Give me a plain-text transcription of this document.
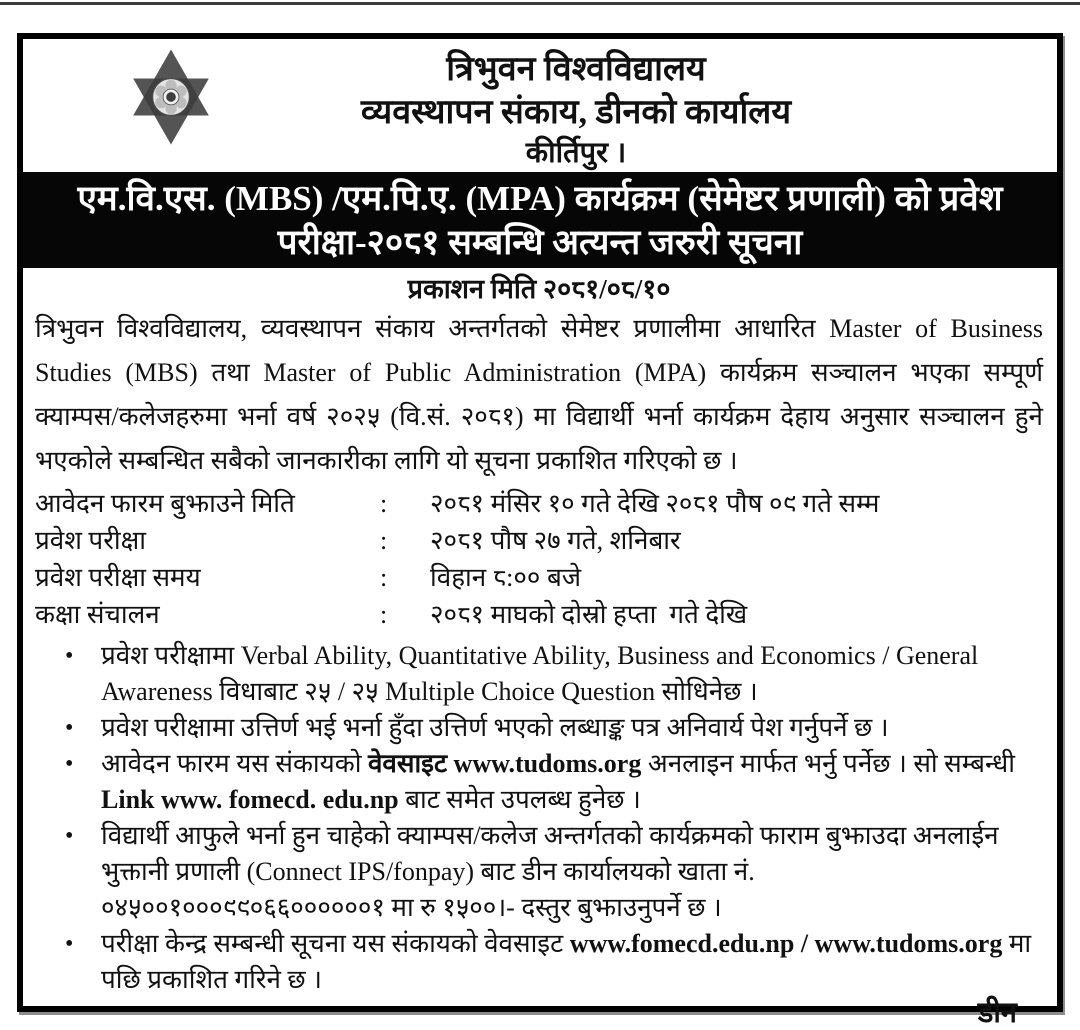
त्रिभुवन विश्वविद्यालय
व्यवस्थापन संकाय, डीनको कार्यालय
कीर्तिपुर ।
एम.वि.एस. (MBS) /एम.पि.ए. (MPA) कार्यक्रम (सेमेष्टर प्रणाली) को प्रवेश
परीक्षा-२०८१ सम्बन्धि अत्यन्त जरुरी सूचना
प्रकाशन मिति २०८१/०८/१०
त्रिभुवन विश्वविद्यालय, व्यवस्थापन संकाय अन्तर्गतको सेमेष्टर प्रणालीमा आधारित Master of Business Studies (MBS) तथा Master of Public Administration (MPA) कार्यक्रम सञ्चालन भएका सम्पूर्ण क्याम्पस/कलेजहरुमा भर्ना वर्ष २०२५ (वि.सं. २०८१) मा विद्यार्थी भर्ना कार्यक्रम देहाय अनुसार सञ्चालन हुने भएकोले सम्बन्धित सबैको जानकारीका लागि यो सूचना प्रकाशित गरिएको छ ।
आवेदन फारम बुझाउने मिति	:	२०८१ मंसिर १० गते देखि २०८१ पौष ०९ गते सम्म
प्रवेश परीक्षा	:	२०८१ पौष २७ गते, शनिबार
प्रवेश परीक्षा समय	:	विहान ८:०० बजे
कक्षा संचालन	:	२०८१ माघको दोस्रो हप्ता  गते देखि
•	प्रवेश परीक्षामा Verbal Ability, Quantitative Ability, Business and Economics / General Awareness विधाबाट २५ / २५ Multiple Choice Question सोधिनेछ ।
•	प्रवेश परीक्षामा उत्तिर्ण भई भर्ना हुँदा उत्तिर्ण भएको लब्धाङ्क पत्र अनिवार्य पेश गर्नुपर्ने छ ।
•	आवेदन फारम यस संकायको वेवसाइट www.tudoms.org अनलाइन मार्फत भर्नु पर्नेछ । सो सम्बन्धी Link www. fomecd. edu.np बाट समेत उपलब्ध हुनेछ ।
•	विद्यार्थी आफुले भर्ना हुन चाहेको क्याम्पस/कलेज अन्तर्गतको कार्यक्रमको फाराम बुझाउदा अनलाईन भुक्तानी प्रणाली (Connect IPS/fonpay) बाट डीन कार्यालयको खाता नं. ०४५००१०००९९०६६००००००१ मा रु १५००।- दस्तुर बुझाउनुपर्ने छ ।
•	परीक्षा केन्द्र सम्बन्धी सूचना यस संकायको वेवसाइट www.fomecd.edu.np / www.tudoms.org मा पछि प्रकाशित गरिने छ ।
डीन
